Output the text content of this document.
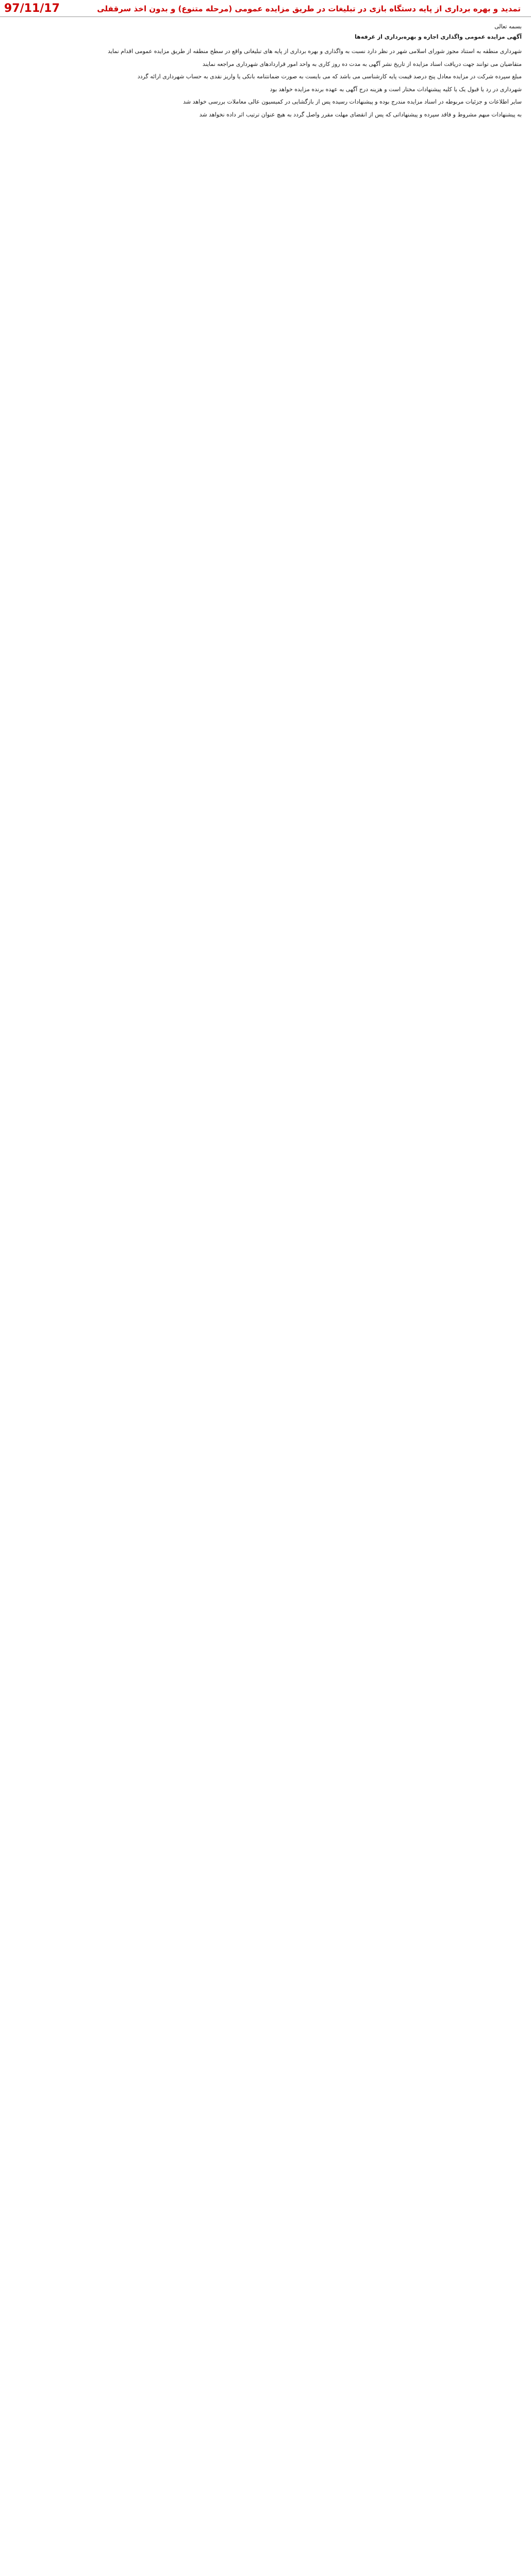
97/11/17	تمدید و بهره برداری از پایه دستگاه بازی در تبلیغات در طریق مزایده عمومی (مرحله متنوع) و بدون اخذ سرقفلی
بسمه تعالی
آگهی مزایده عمومی واگذاری اجاره و بهره‌برداری از غرفه‌ها
شهرداری منطقه به استناد مجوز شورای اسلامی شهر در نظر دارد نسبت به واگذاری و بهره برداری از پایه های تبلیغاتی واقع در سطح منطقه از طریق مزایده عمومی اقدام نماید
متقاضیان می توانند جهت دریافت اسناد مزایده از تاریخ نشر آگهی به مدت ده روز کاری به واحد امور قراردادهای شهرداری مراجعه نمایند
مبلغ سپرده شرکت در مزایده معادل پنج درصد قیمت پایه کارشناسی می باشد که می بایست به صورت ضمانتنامه بانکی یا واریز نقدی به حساب شهرداری ارائه گردد
شهرداری در رد یا قبول یک یا کلیه پیشنهادات مختار است و هزینه درج آگهی به عهده برنده مزایده خواهد بود
سایر اطلاعات و جزئیات مربوطه در اسناد مزایده مندرج بوده و پیشنهادات رسیده پس از بازگشایی در کمیسیون عالی معاملات بررسی خواهد شد
به پیشنهادات مبهم مشروط و فاقد سپرده و پیشنهاداتی که پس از انقضای مهلت مقرر واصل گردد به هیچ عنوان ترتیب اثر داده نخواهد شد
